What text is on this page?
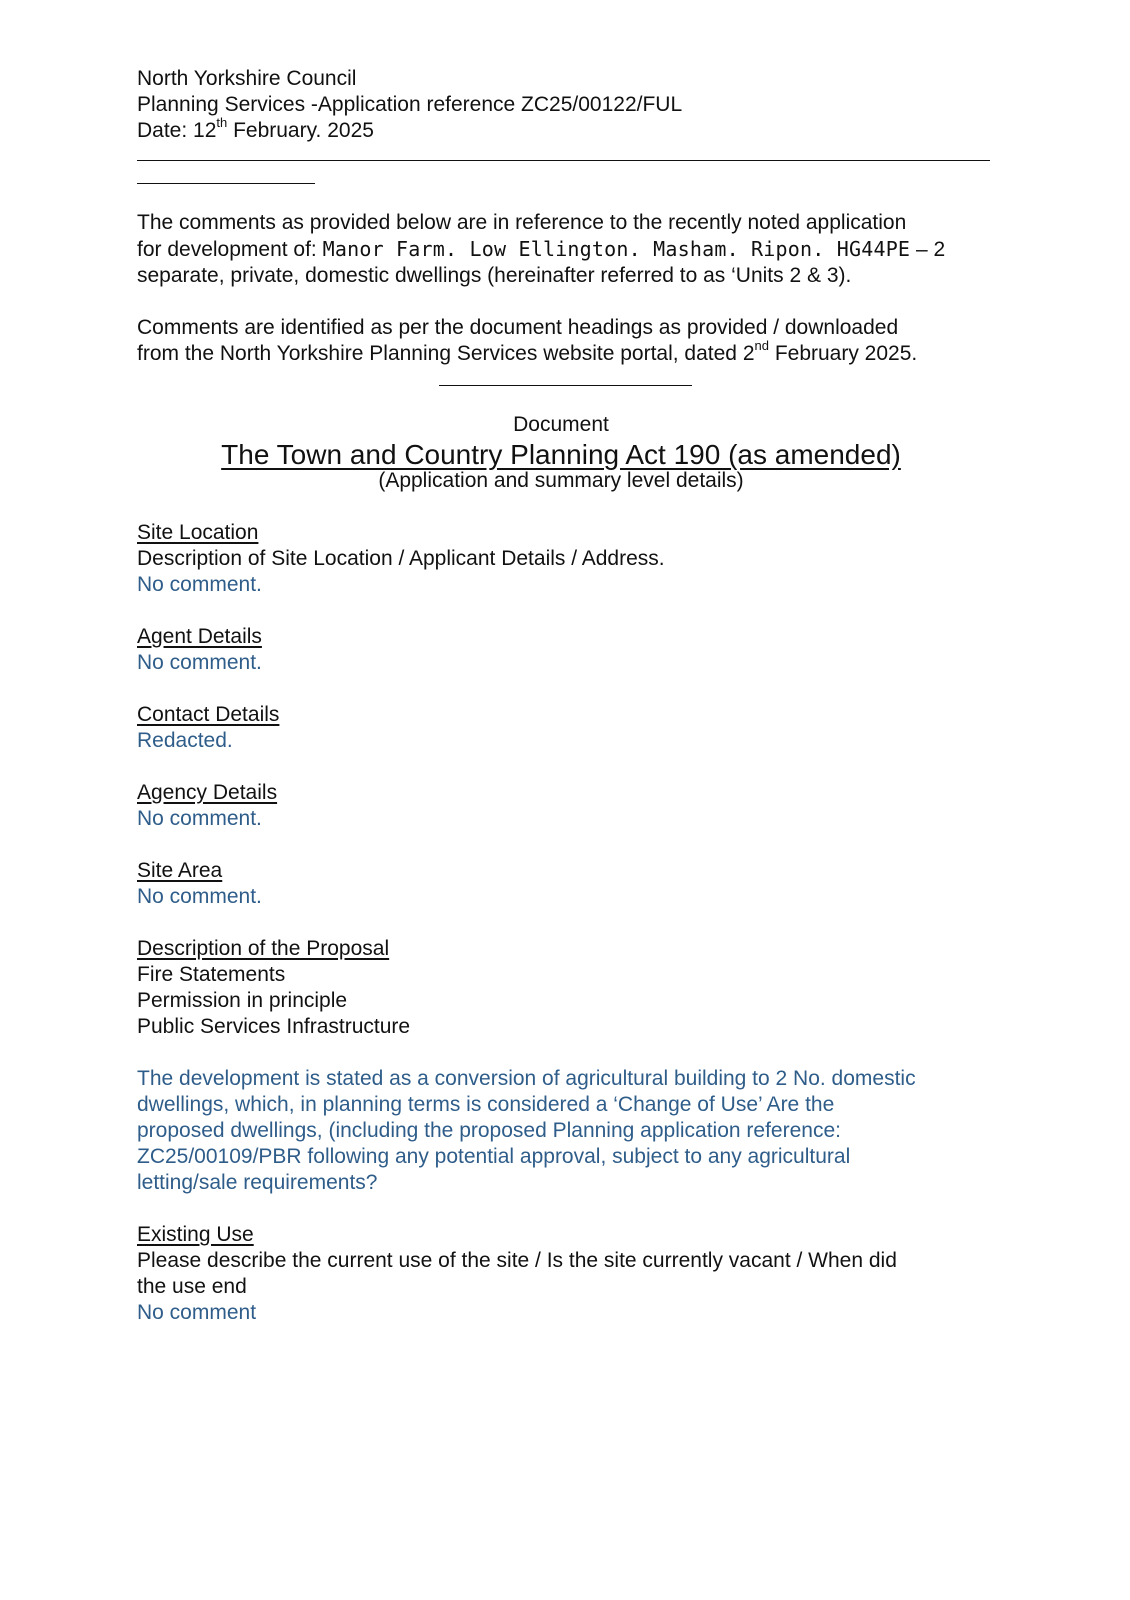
North Yorkshire Council
Planning Services -Application reference ZC25/00122/FUL
Date: 12th February. 2025
The comments as provided below are in reference to the recently noted application
for development of: Manor Farm. Low Ellington. Masham. Ripon. HG44PE – 2
separate, private, domestic dwellings (hereinafter referred to as ‘Units 2 & 3).
Comments are identified as per the document headings as provided / downloaded
from the North Yorkshire Planning Services website portal, dated 2nd February 2025.
Document
The Town and Country Planning Act 190 (as amended)
(Application and summary level details)
Site Location
Description of Site Location / Applicant Details / Address.
No comment.
Agent Details
No comment.
Contact Details
Redacted.
Agency Details
No comment.
Site Area
No comment.
Description of the Proposal
Fire Statements
Permission in principle
Public Services Infrastructure
The development is stated as a conversion of agricultural building to 2 No. domestic
dwellings, which, in planning terms is considered a ‘Change of Use’ Are the
proposed dwellings, (including the proposed Planning application reference:
ZC25/00109/PBR following any potential approval, subject to any agricultural
letting/sale requirements?
Existing Use
Please describe the current use of the site / Is the site currently vacant / When did
the use end
No comment
